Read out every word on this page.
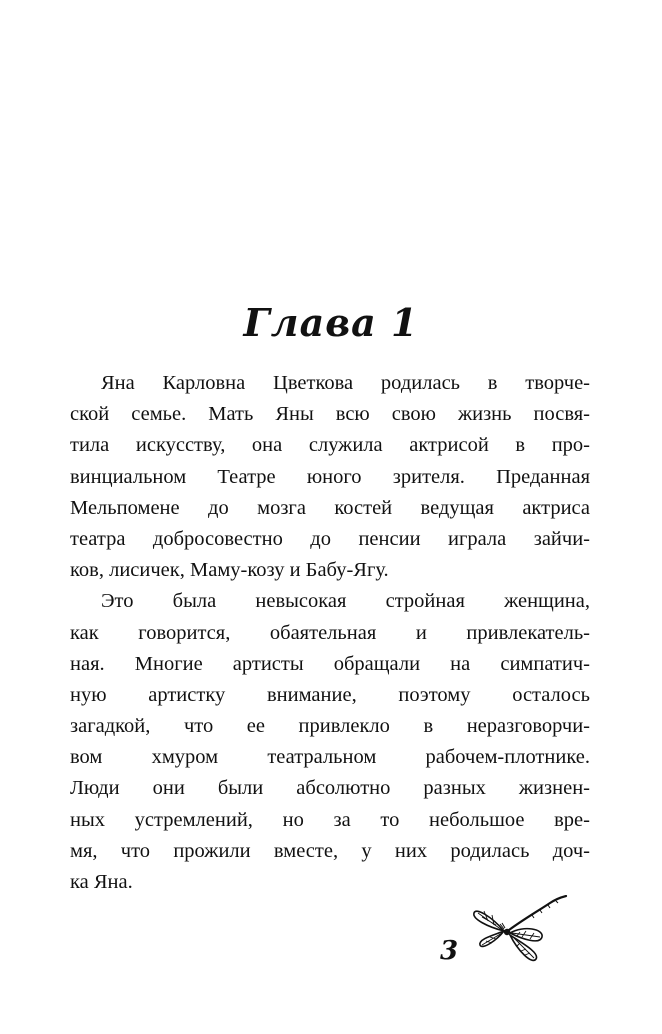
Глава 1

Яна Карловна Цветкова родилась в творче-
ской семье. Мать Яны всю свою жизнь посвя-
тила искусству, она служила актрисой в про-
винциальном Театре юного зрителя. Преданная
Мельпомене до мозга костей ведущая актриса
театра добросовестно до пенсии играла зайчи-
ков, лисичек, Маму-козу и Бабу-Ягу.

Это была невысокая стройная женщина,
как говорится, обаятельная и привлекатель-
ная. Многие артисты обращали на симпатич-
ную артистку внимание, поэтому осталось
загадкой, что ее привлекло в неразговорчи-
вом хмуром театральном рабочем-плотнике.
Люди они были абсолютно разных жизнен-
ных устремлений, но за то небольшое вре-
мя, что прожили вместе, у них родилась доч-
ка Яна.

3
